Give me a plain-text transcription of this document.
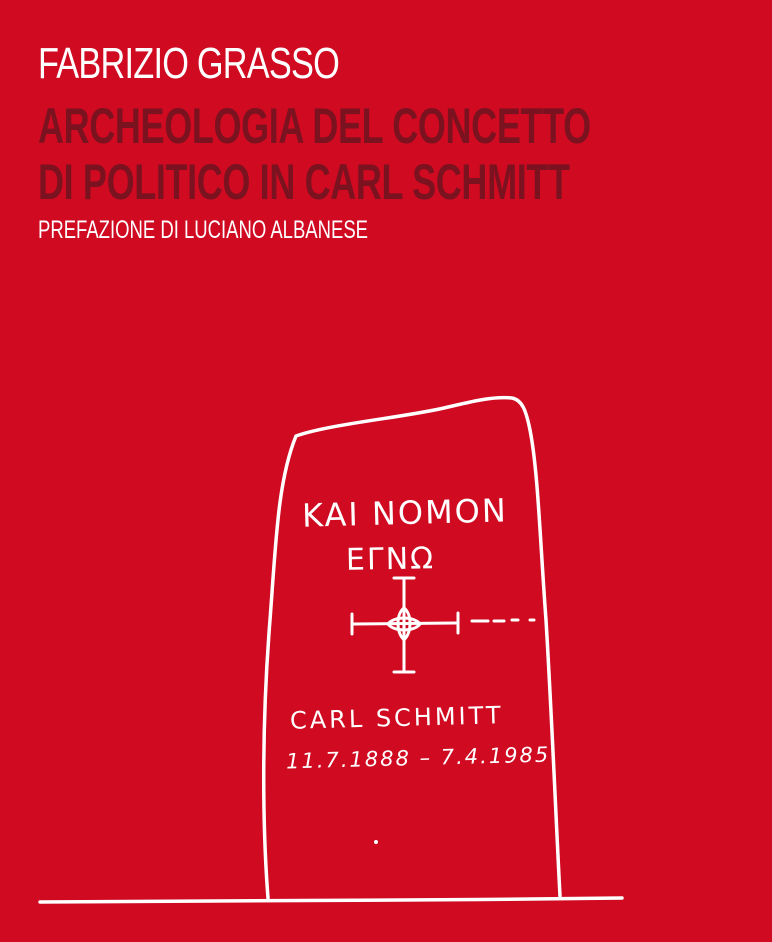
FABRIZIO GRASSO
ARCHEOLOGIA DEL CONCETTO
DI POLITICO IN CARL SCHMITT

PREFAZIONE DI LUCIANO ALBANESE

KAI NOMON
ΕΓΝΩ
CARL SCHMITT
11.7.1888 – 7.4.1985
